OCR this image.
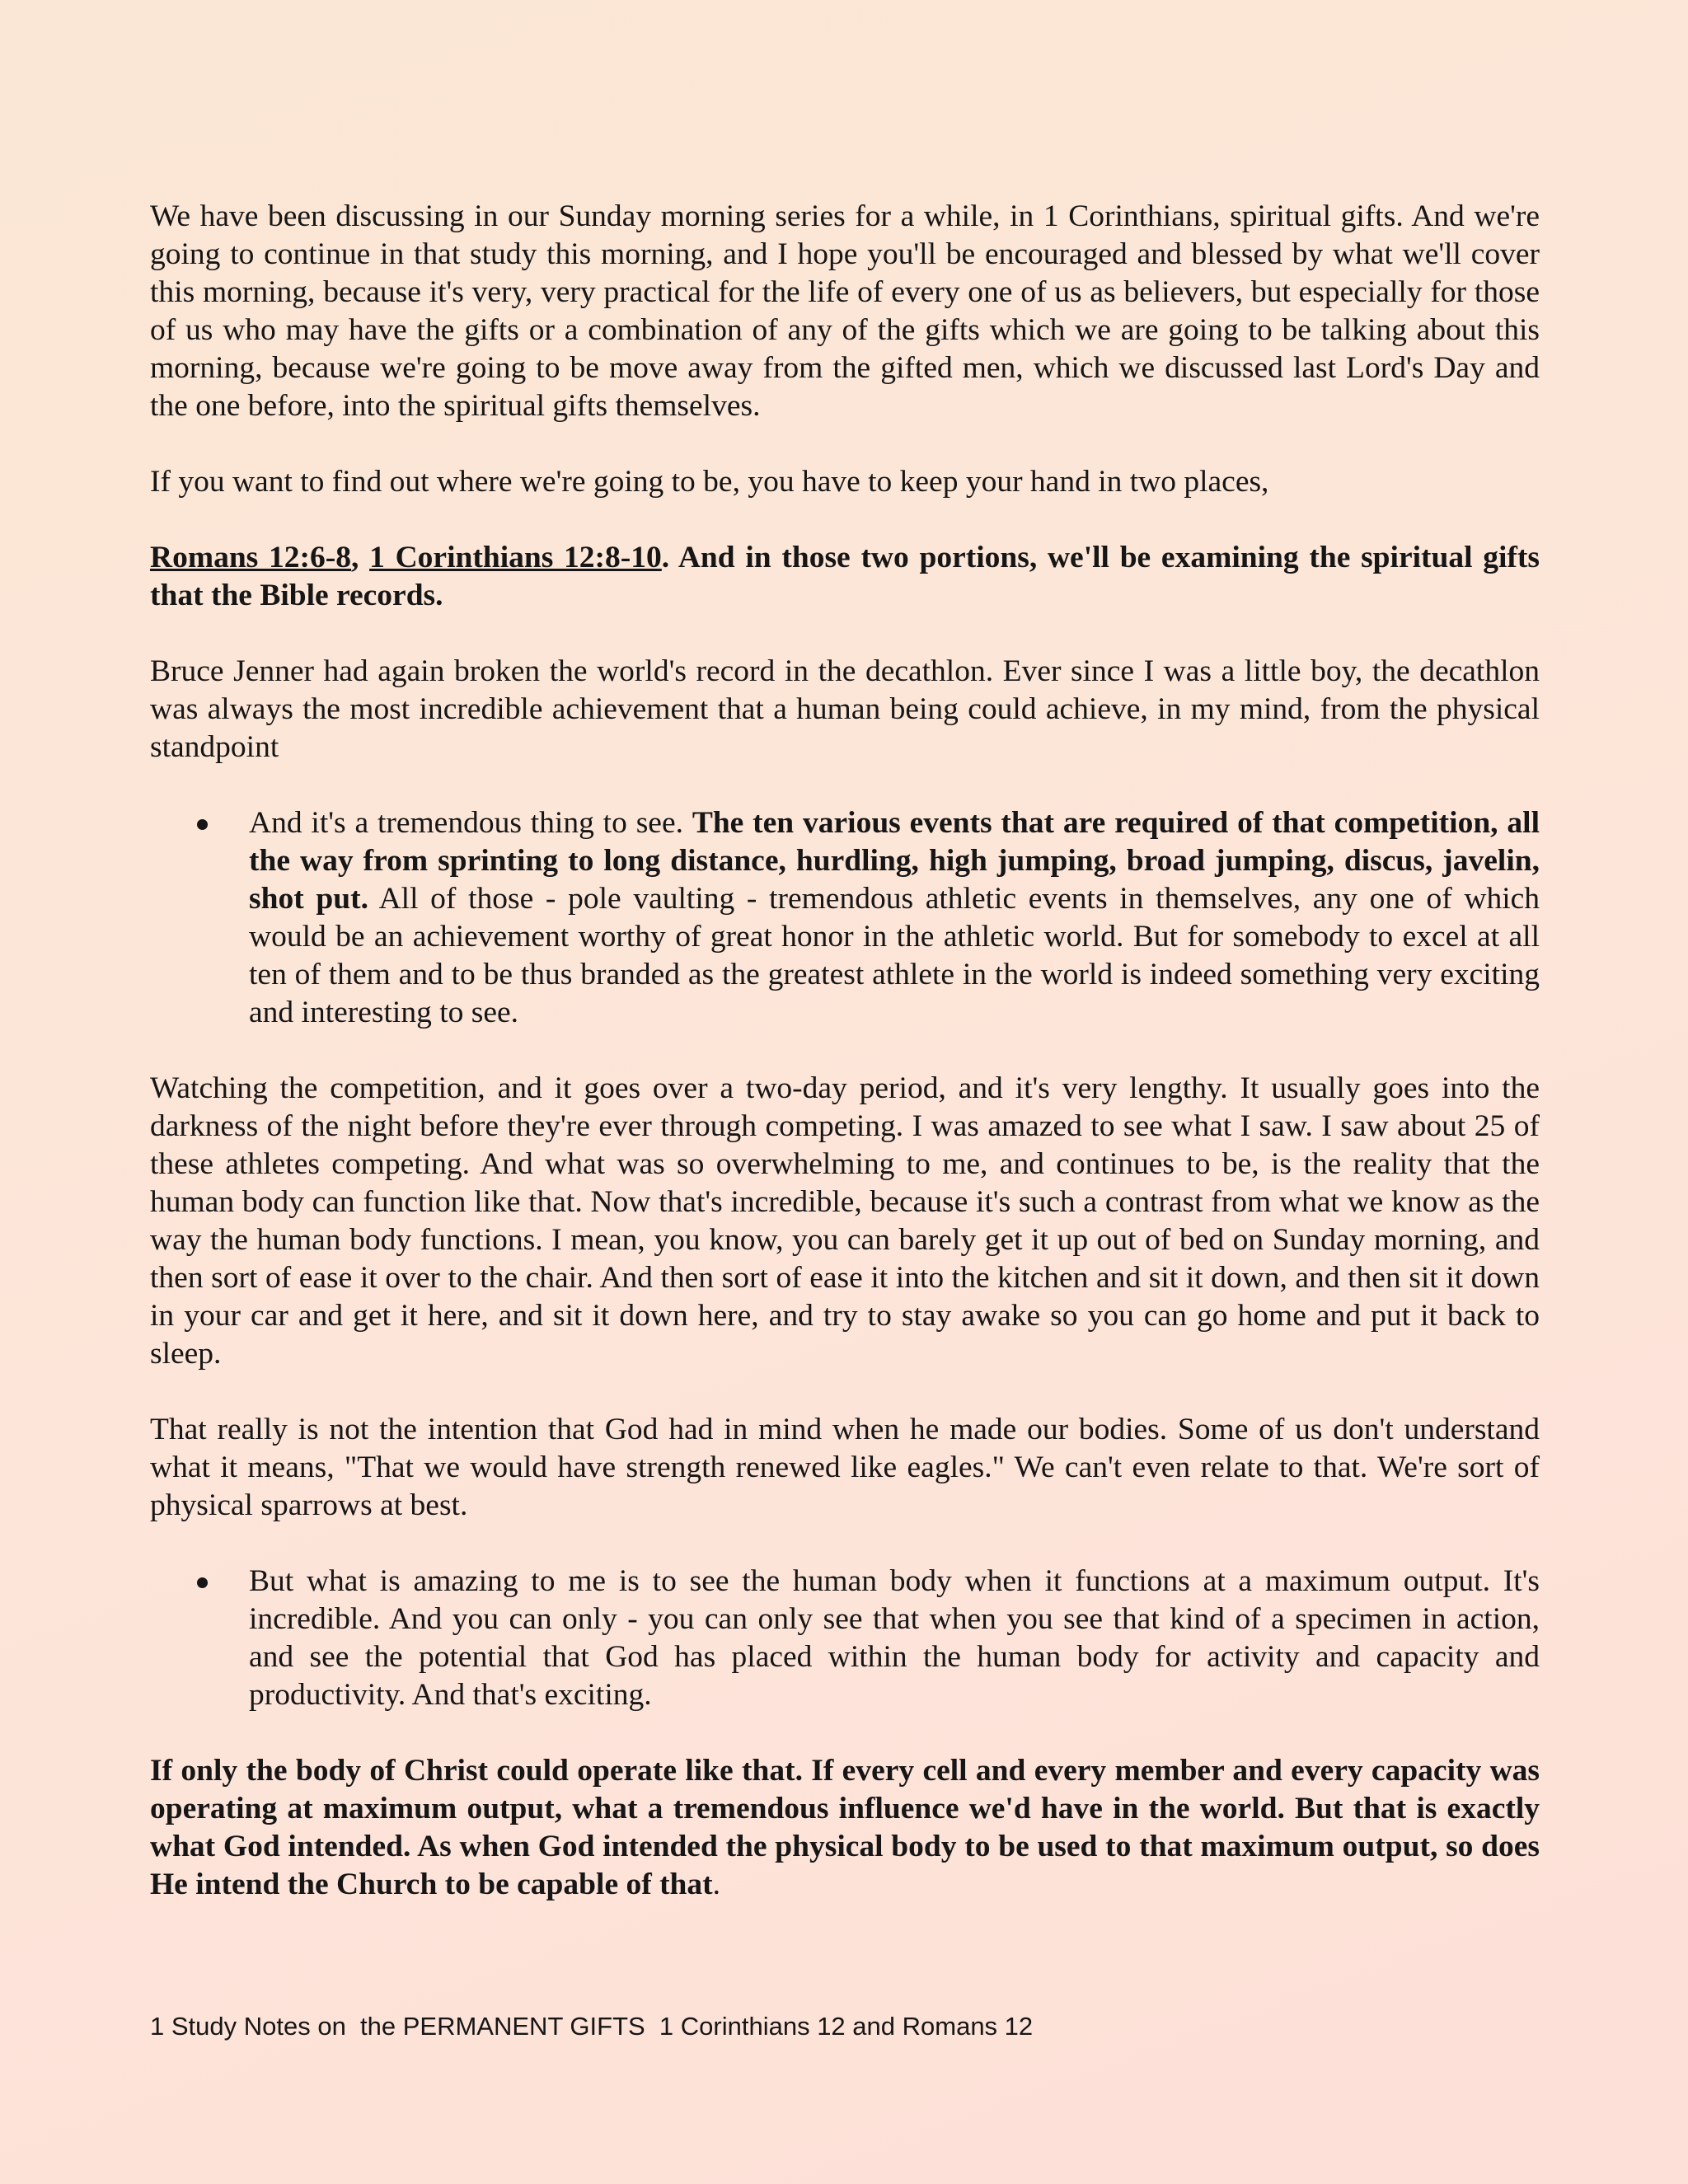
We have been discussing in our Sunday morning series for a while, in 1 Corinthians, spiritual gifts. And we're going to continue in that study this morning, and I hope you'll be encouraged and blessed by what we'll cover this morning, because it's very, very practical for the life of every one of us as believers, but especially for those of us who may have the gifts or a combination of any of the gifts which we are going to be talking about this morning, because we're going to be move away from the gifted men, which we discussed last Lord's Day and the one before, into the spiritual gifts themselves.

If you want to find out where we're going to be, you have to keep your hand in two places,

Romans 12:6-8, 1 Corinthians 12:8-10. And in those two portions, we'll be examining the spiritual gifts that the Bible records.

Bruce Jenner had again broken the world's record in the decathlon. Ever since I was a little boy, the decathlon was always the most incredible achievement that a human being could achieve, in my mind, from the physical standpoint

And it's a tremendous thing to see. The ten various events that are required of that competition, all the way from sprinting to long distance, hurdling, high jumping, broad jumping, discus, javelin, shot put. All of those - pole vaulting - tremendous athletic events in themselves, any one of which would be an achievement worthy of great honor in the athletic world. But for somebody to excel at all ten of them and to be thus branded as the greatest athlete in the world is indeed something very exciting and interesting to see.

Watching the competition, and it goes over a two-day period, and it's very lengthy. It usually goes into the darkness of the night before they're ever through competing. I was amazed to see what I saw. I saw about 25 of these athletes competing. And what was so overwhelming to me, and continues to be, is the reality that the human body can function like that. Now that's incredible, because it's such a contrast from what we know as the way the human body functions. I mean, you know, you can barely get it up out of bed on Sunday morning, and then sort of ease it over to the chair. And then sort of ease it into the kitchen and sit it down, and then sit it down in your car and get it here, and sit it down here, and try to stay awake so you can go home and put it back to sleep.

That really is not the intention that God had in mind when he made our bodies. Some of us don't understand what it means, "That we would have strength renewed like eagles." We can't even relate to that. We're sort of physical sparrows at best.

But what is amazing to me is to see the human body when it functions at a maximum output. It's incredible. And you can only - you can only see that when you see that kind of a specimen in action, and see the potential that God has placed within the human body for activity and capacity and productivity. And that's exciting.

If only the body of Christ could operate like that. If every cell and every member and every capacity was operating at maximum output, what a tremendous influence we'd have in the world. But that is exactly what God intended. As when God intended the physical body to be used to that maximum output, so does He intend the Church to be capable of that.

1 Study Notes on  the PERMANENT GIFTS  1 Corinthians 12 and Romans 12
